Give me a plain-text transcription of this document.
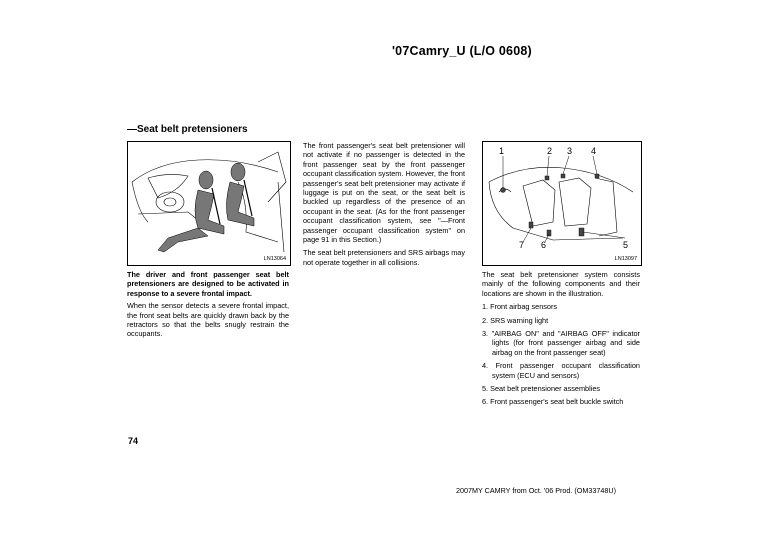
'07Camry_U (L/O 0608)
—Seat belt pretensioners
LN13064
1	2 3 4
5
6
7
LN13097
The driver and front passenger seat belt pretensioners are designed to be activated in response to a severe frontal impact.
When the sensor detects a severe frontal impact, the front seat belts are quickly drawn back by the retractors so that the belts snugly restrain the occupants.
The front passenger's seat belt pretensioner will not activate if no passenger is detected in the front passenger seat by the front passenger occupant classification system. However, the front passenger's seat belt pretensioner may activate if luggage is put on the seat, or the seat belt is buckled up regardless of the presence of an occupant in the seat. (As for the front passenger occupant classification system, see "—Front passenger occupant classification system" on page 91 in this Section.)
The seat belt pretensioners and SRS airbags may not operate together in all collisions.
The seat belt pretensioner system consists mainly of the following components and their locations are shown in the illustration.
1. Front airbag sensors
2. SRS warning light
3. "AIRBAG ON" and "AIRBAG OFF" indicator lights (for front passenger airbag and side airbag on the front passenger seat)
4. Front passenger occupant classification system (ECU and sensors)
5. Seat belt pretensioner assemblies
6. Front passenger's seat belt buckle switch
74
2007MY CAMRY from Oct. '06 Prod. (OM33748U)
